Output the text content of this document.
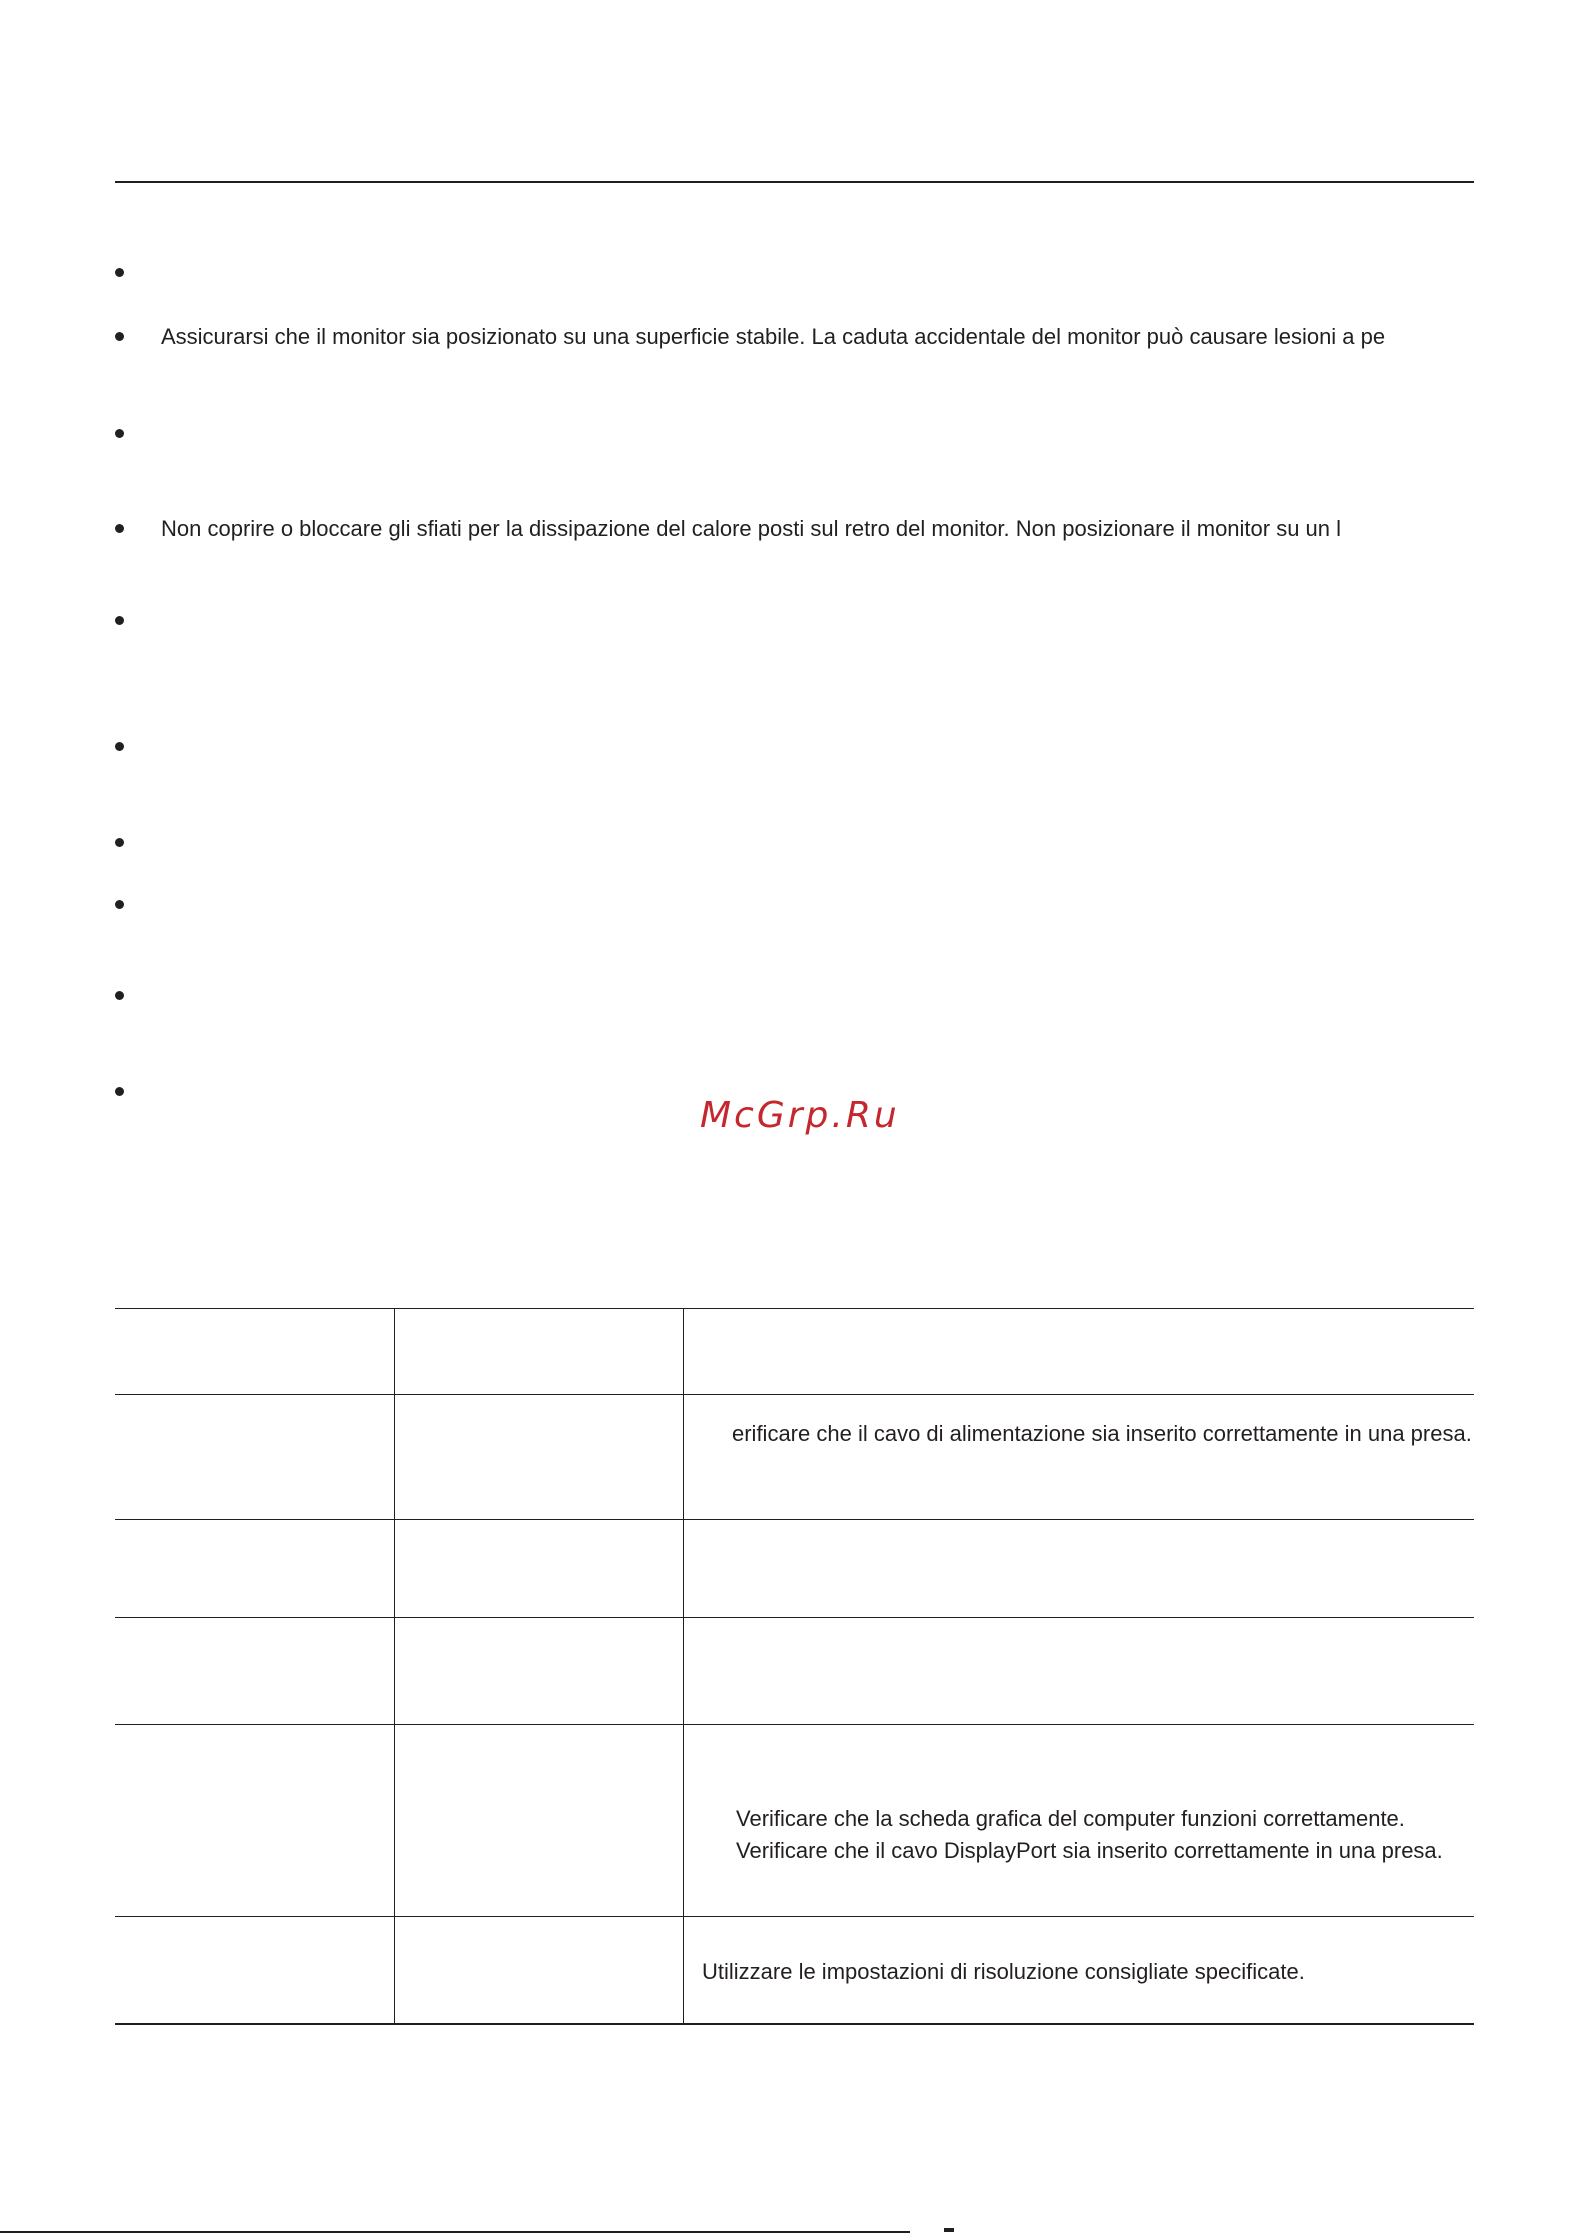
Assicurarsi che il monitor sia posizionato su una superficie stabile. La caduta accidentale del monitor può causare lesioni a pe
Non coprire o bloccare gli sfiati per la dissipazione del calore posti sul retro del monitor. Non posizionare il monitor su un l
McGrp.Ru
erificare che il cavo di alimentazione sia inserito correttamente in una presa.
Verificare che la scheda grafica del computer funzioni correttamente.
Verificare che il cavo DisplayPort sia inserito correttamente in una presa.
Utilizzare le impostazioni di risoluzione consigliate specificate.
